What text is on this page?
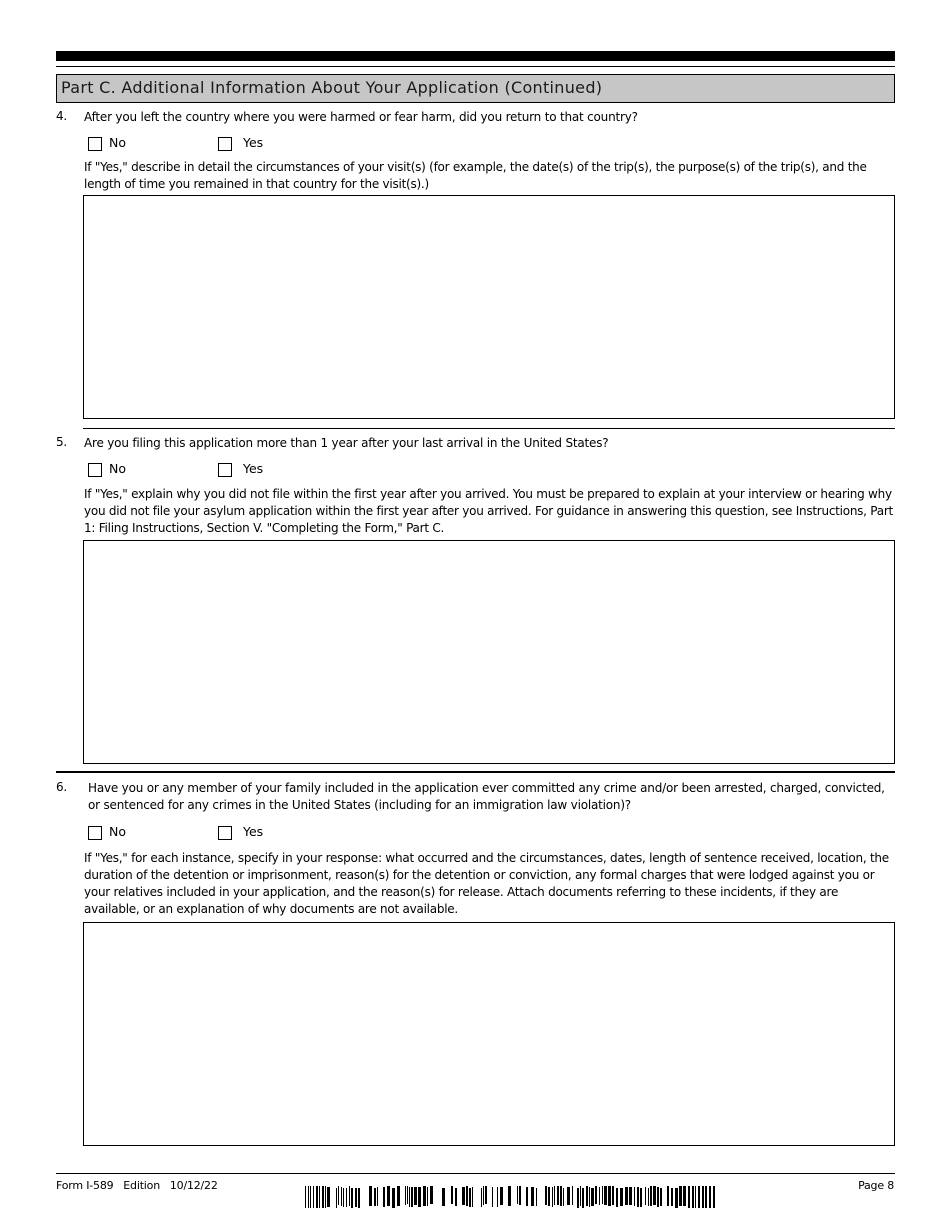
Part C. Additional Information About Your Application (Continued)
4. After you left the country where you were harmed or fear harm, did you return to that country?
No	Yes
If "Yes," describe in detail the circumstances of your visit(s) (for example, the date(s) of the trip(s), the purpose(s) of the trip(s), and the length of time you remained in that country for the visit(s).)
5. Are you filing this application more than 1 year after your last arrival in the United States?
No	Yes
If "Yes," explain why you did not file within the first year after you arrived. You must be prepared to explain at your interview or hearing why you did not file your asylum application within the first year after you arrived. For guidance in answering this question, see Instructions, Part 1: Filing Instructions, Section V. "Completing the Form," Part C.
6. Have you or any member of your family included in the application ever committed any crime and/or been arrested, charged, convicted, or sentenced for any crimes in the United States (including for an immigration law violation)?
No	Yes
If "Yes," for each instance, specify in your response: what occurred and the circumstances, dates, length of sentence received, location, the duration of the detention or imprisonment, reason(s) for the detention or conviction, any formal charges that were lodged against you or your relatives included in your application, and the reason(s) for release. Attach documents referring to these incidents, if they are available, or an explanation of why documents are not available.
Form I-589   Edition   10/12/22	Page 8
